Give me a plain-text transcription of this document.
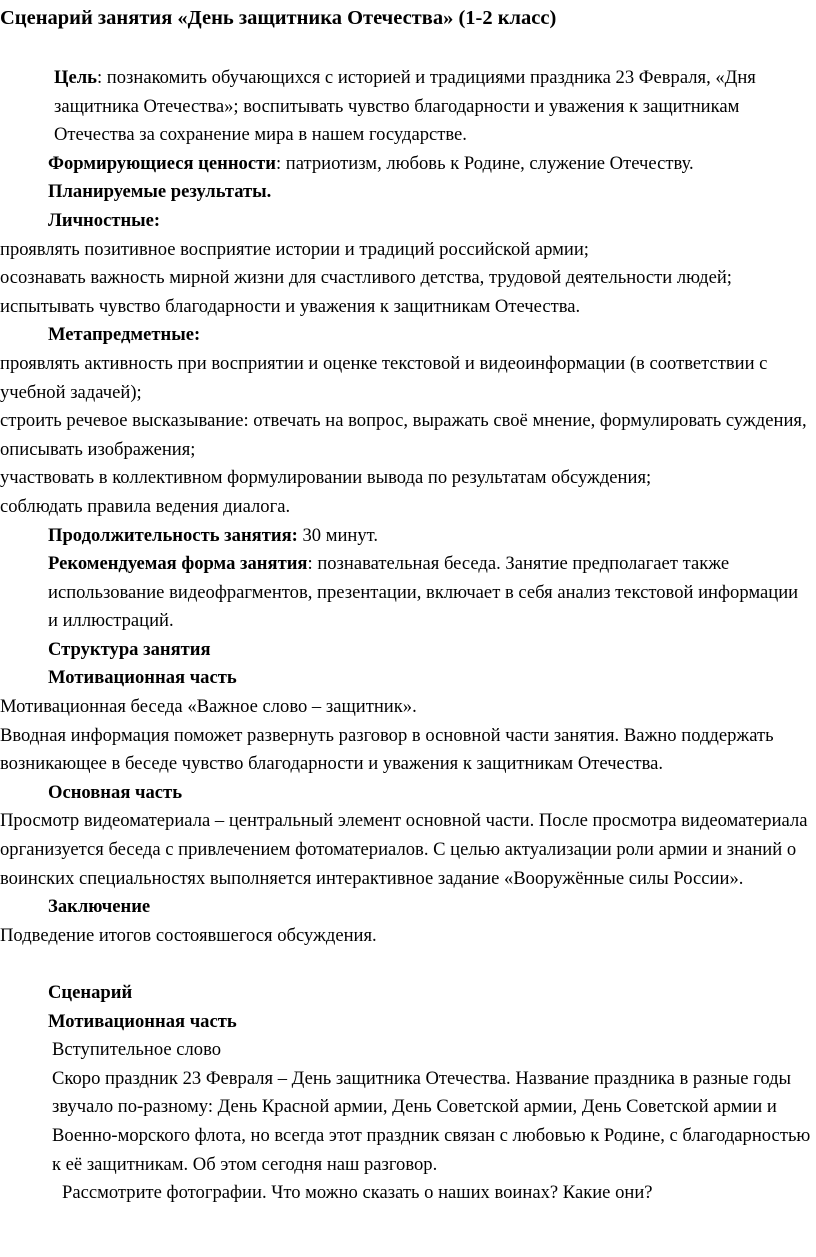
Сценарий занятия «День защитника Отечества» (1-2 класс)

Цель: познакомить обучающихся с историей и традициями праздника 23 Февраля, «Дня защитника Отечества»; воспитывать чувство благодарности и уважения к защитникам Отечества за сохранение мира в нашем государстве.

Формирующиеся ценности: патриотизм, любовь к Родине, служение Отечеству.

Планируемые результаты.

Личностные:

проявлять позитивное восприятие истории и традиций российской армии;

осознавать важность мирной жизни для счастливого детства, трудовой деятельности людей;

испытывать чувство благодарности и уважения к защитникам Отечества.

Метапредметные:

проявлять активность при восприятии и оценке текстовой и видеоинформации (в соответствии с учебной задачей);

строить речевое высказывание: отвечать на вопрос, выражать своё мнение, формулировать суждения, описывать изображения;

участвовать в коллективном формулировании вывода по результатам обсуждения;

соблюдать правила ведения диалога.

Продолжительность занятия: 30 минут.

Рекомендуемая форма занятия: познавательная беседа. Занятие предполагает также использование видеофрагментов, презентации, включает в себя анализ текстовой информации и иллюстраций.

Структура занятия

Мотивационная часть

Мотивационная беседа «Важное слово – защитник».

Вводная информация поможет развернуть разговор в основной части занятия. Важно поддержать возникающее в беседе чувство благодарности и уважения к защитникам Отечества.

Основная часть

Просмотр видеоматериала – центральный элемент основной части. После просмотра видеоматериала организуется беседа с привлечением фотоматериалов. С целью актуализации роли армии и знаний о воинских специальностях выполняется интерактивное задание «Вооружённые силы России».

Заключение

Подведение итогов состоявшегося обсуждения.

Сценарий

Мотивационная часть

Вступительное слово

Скоро праздник 23 Февраля – День защитника Отечества. Название праздника в разные годы звучало по-разному: День Красной армии, День Советской армии, День Советской армии и Военно-морского флота, но всегда этот праздник связан с любовью к Родине, с благодарностью к её защитникам. Об этом сегодня наш разговор.

Рассмотрите фотографии. Что можно сказать о наших воинах? Какие они?
